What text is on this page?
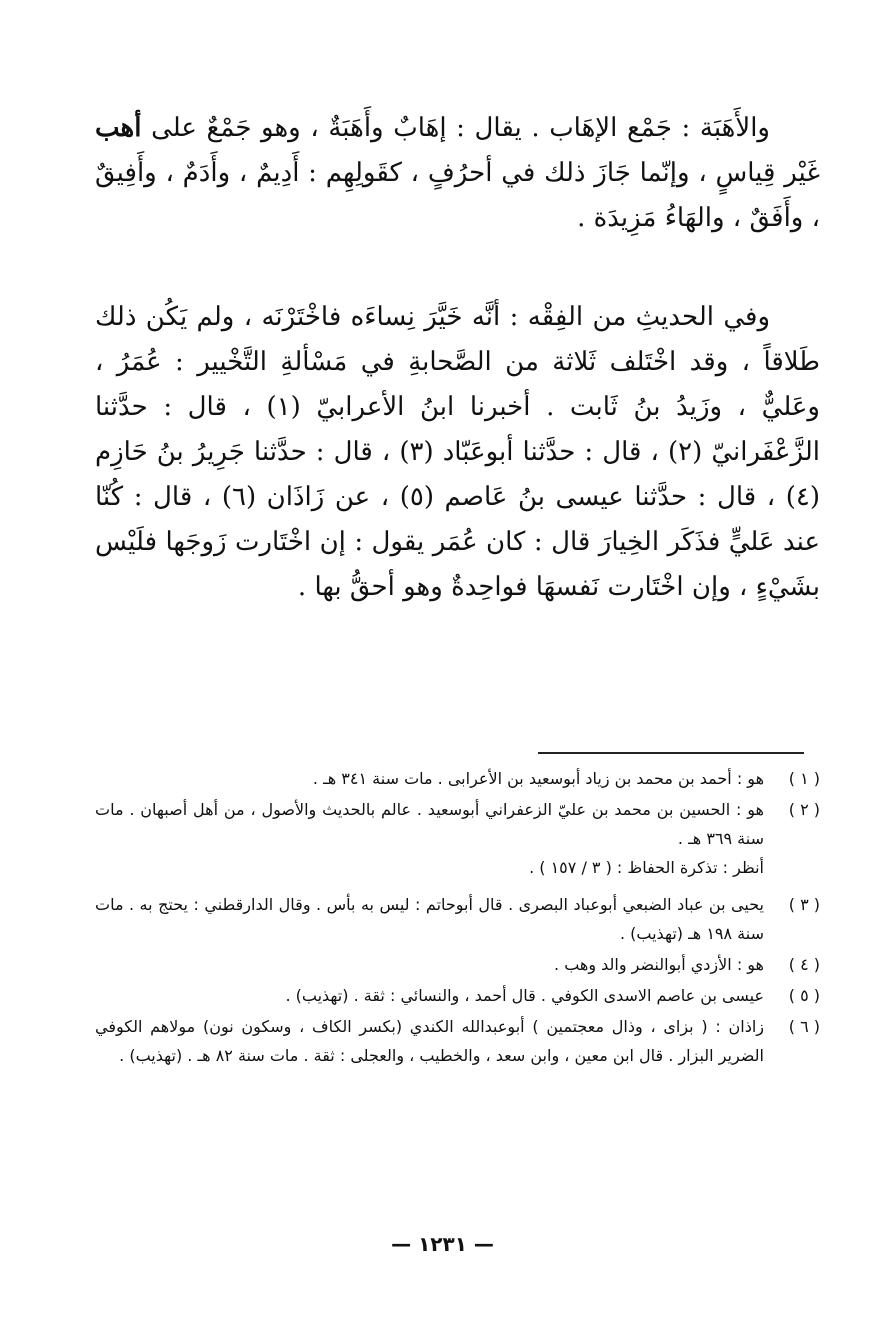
والأَهَبَة : جَمْع الإهَاب . يقال : إهَابٌ وأَهَبَةٌ ، وهو جَمْعٌ على أهب غَيْر قِياسٍ ، وإنّما جَازَ ذلك في أحرُفٍ ، كقَولِهِم : أَدِيمٌ ، وأَدَمٌ ، وأَفِيقٌ ، وأَفَقٌ ، والهَاءُ مَزِيدَة .

وفي الحديثِ من الفِقْه : أنَّه خَيَّرَ نِساءَه فاخْتَرْنَه ، ولم يَكُن ذلك طَلاقاً ، وقد اخْتَلف ثَلاثة من الصَّحابةِ في مَسْألةِ التَّخْيير : عُمَرُ ، وعَليٌّ ، وزَيدُ بنُ ثَابت . أخبرنا ابنُ الأعرابيّ (١) ، قال : حدَّثنا الزَّعْفَرانيّ (٢) ، قال : حدَّثنا أبوعَبّاد (٣) ، قال : حدَّثنا جَرِيرُ بنُ حَازِم (٤) ، قال : حدَّثنا عيسى بنُ عَاصم (٥) ، عن زَاذَان (٦) ، قال : كُنّا عند عَليٍّ فذَكَر الخِيارَ قال : كان عُمَر يقول : إن اخْتَارت زَوجَها فلَيْس بشَيْءٍ ، وإن اخْتَارت نَفسهَا فواحِدةٌ وهو أحقُّ بها .

( ١ )
هو : أحمد بن محمد بن زياد أبوسعيد بن الأعرابى . مات سنة ٣٤١ هـ .
( ٢ )
هو : الحسين بن محمد بن عليّ الزعفراني أبوسعيد . عالم بالحديث والأصول ، من أهل أصبهان . مات سنة ٣٦٩ هـ .
أنظر : تذكرة الحفاظ : ( ٣ / ١٥٧ ) .
( ٣ )
يحيى بن عباد الضبعي أبوعباد البصرى . قال أبوحاتم : ليس به بأس . وقال الدارقطني : يحتج به . مات سنة ١٩٨ هـ (تهذيب) .
( ٤ )
هو : الأزدي أبوالنضر والد وهب .
( ٥ )
عيسى بن عاصم الاسدى الكوفي . قال أحمد ، والنسائي : ثقة . (تهذيب) .
( ٦ )
زاذان : ( بزاى ، وذال معجتمين ) أبوعبدالله الكندي (بكسر الكاف ، وسكون نون) مولاهم الكوفي الضرير البزار . قال ابن معين ، وابن سعد ، والخطيب ، والعجلى : ثقة . مات سنة ٨٢ هـ . (تهذيب) .
— ١٢٣١ —
